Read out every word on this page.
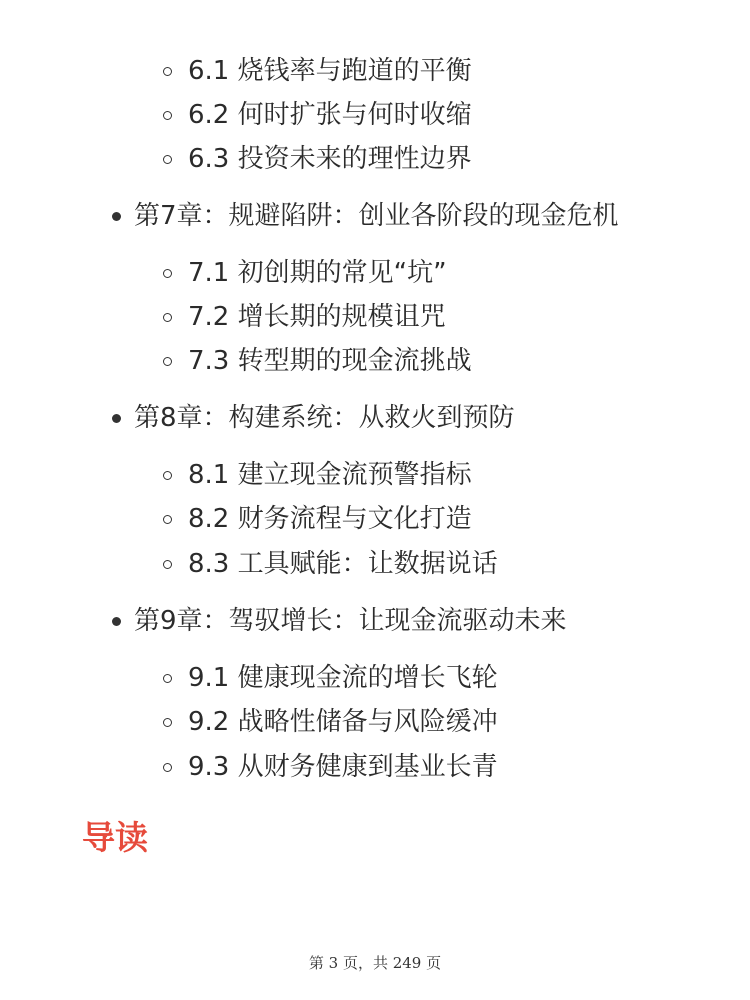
6.1 烧钱率与跑道的平衡
6.2 何时扩张与何时收缩
6.3 投资未来的理性边界
第7章：规避陷阱：创业各阶段的现金危机
7.1 初创期的常见“坑”
7.2 增长期的规模诅咒
7.3 转型期的现金流挑战
第8章：构建系统：从救火到预防
8.1 建立现金流预警指标
8.2 财务流程与文化打造
8.3 工具赋能：让数据说话
第9章：驾驭增长：让现金流驱动未来
9.1 健康现金流的增长飞轮
9.2 战略性储备与风险缓冲
9.3 从财务健康到基业长青
导读
第 3 页，共 249 页
